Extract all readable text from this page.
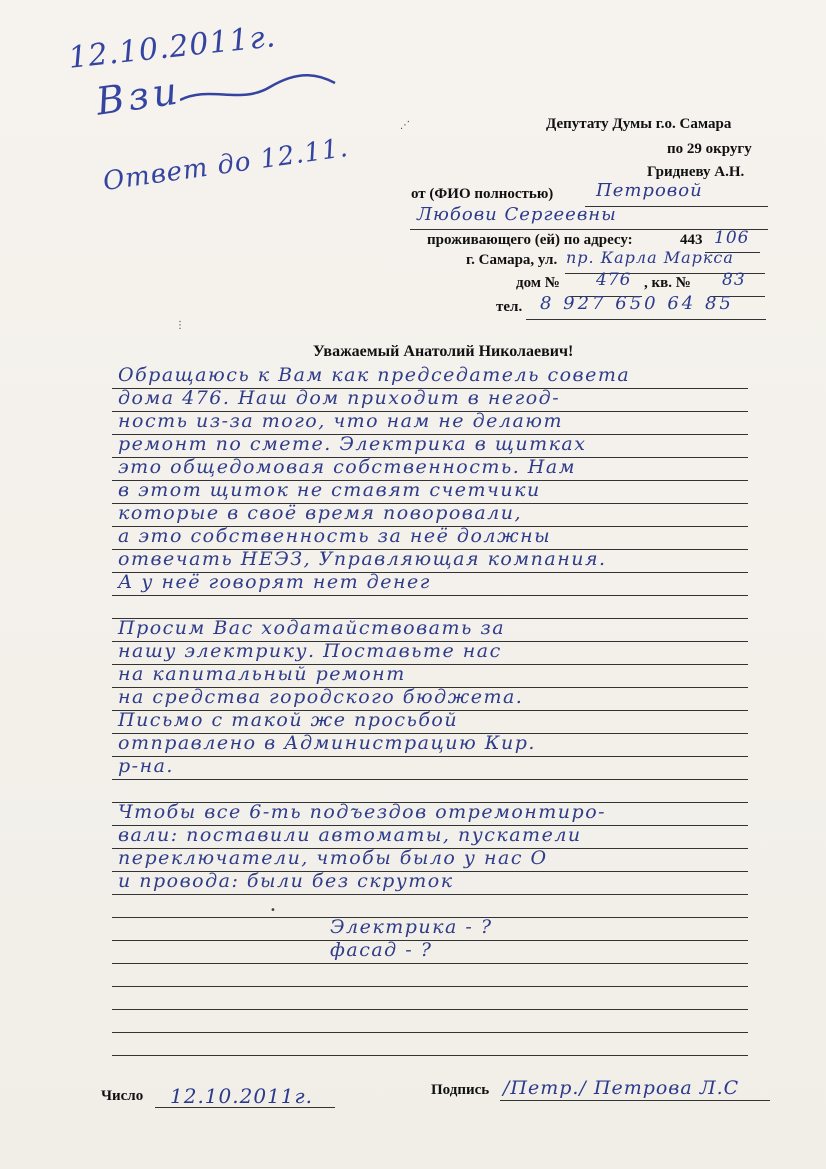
12.10.2011г.
Взи
Ответ до 12.11.
Депутату Думы г.о. Самара
по 29 округу
Гридневу А.Н.
от (ФИО полностью) Петровой
Любови Сергеевны
проживающего (ей) по адресу:	443 106
г. Самара, ул. пр. Карла Маркса
дом № 476 , кв. № 83
тел. 8 927 650 64 85
Уважаемый Анатолий Николаевич!
Обращаюсь к Вам как председатель совета
дома 476. Наш дом приходит в негод-
ность из-за того, что нам не делают
ремонт по смете. Электрика в щитках
это общедомовая собственность. Нам
в этот щиток не ставят счетчики
которые в своё время поворовали,
а это собственность за неё должны
отвечать НЕЭЗ, Управляющая компания.
А у неё говорят нет денег
Просим Вас ходатайствовать за
нашу электрику. Поставьте нас
на капитальный ремонт
на средства городского бюджета.
Письмо с такой же просьбой
отправлено в Администрацию Кир.
р-на.
Чтобы все 6-ть подъездов отремонтиро-
вали: поставили автоматы, пускатели
переключатели, чтобы было у нас О
и провода: были без скруток
Электрика - ?
фасад - ?
Число 12.10.2011г.	Подпись /Петр./ Петрова Л.С
⋰
⋮
•
